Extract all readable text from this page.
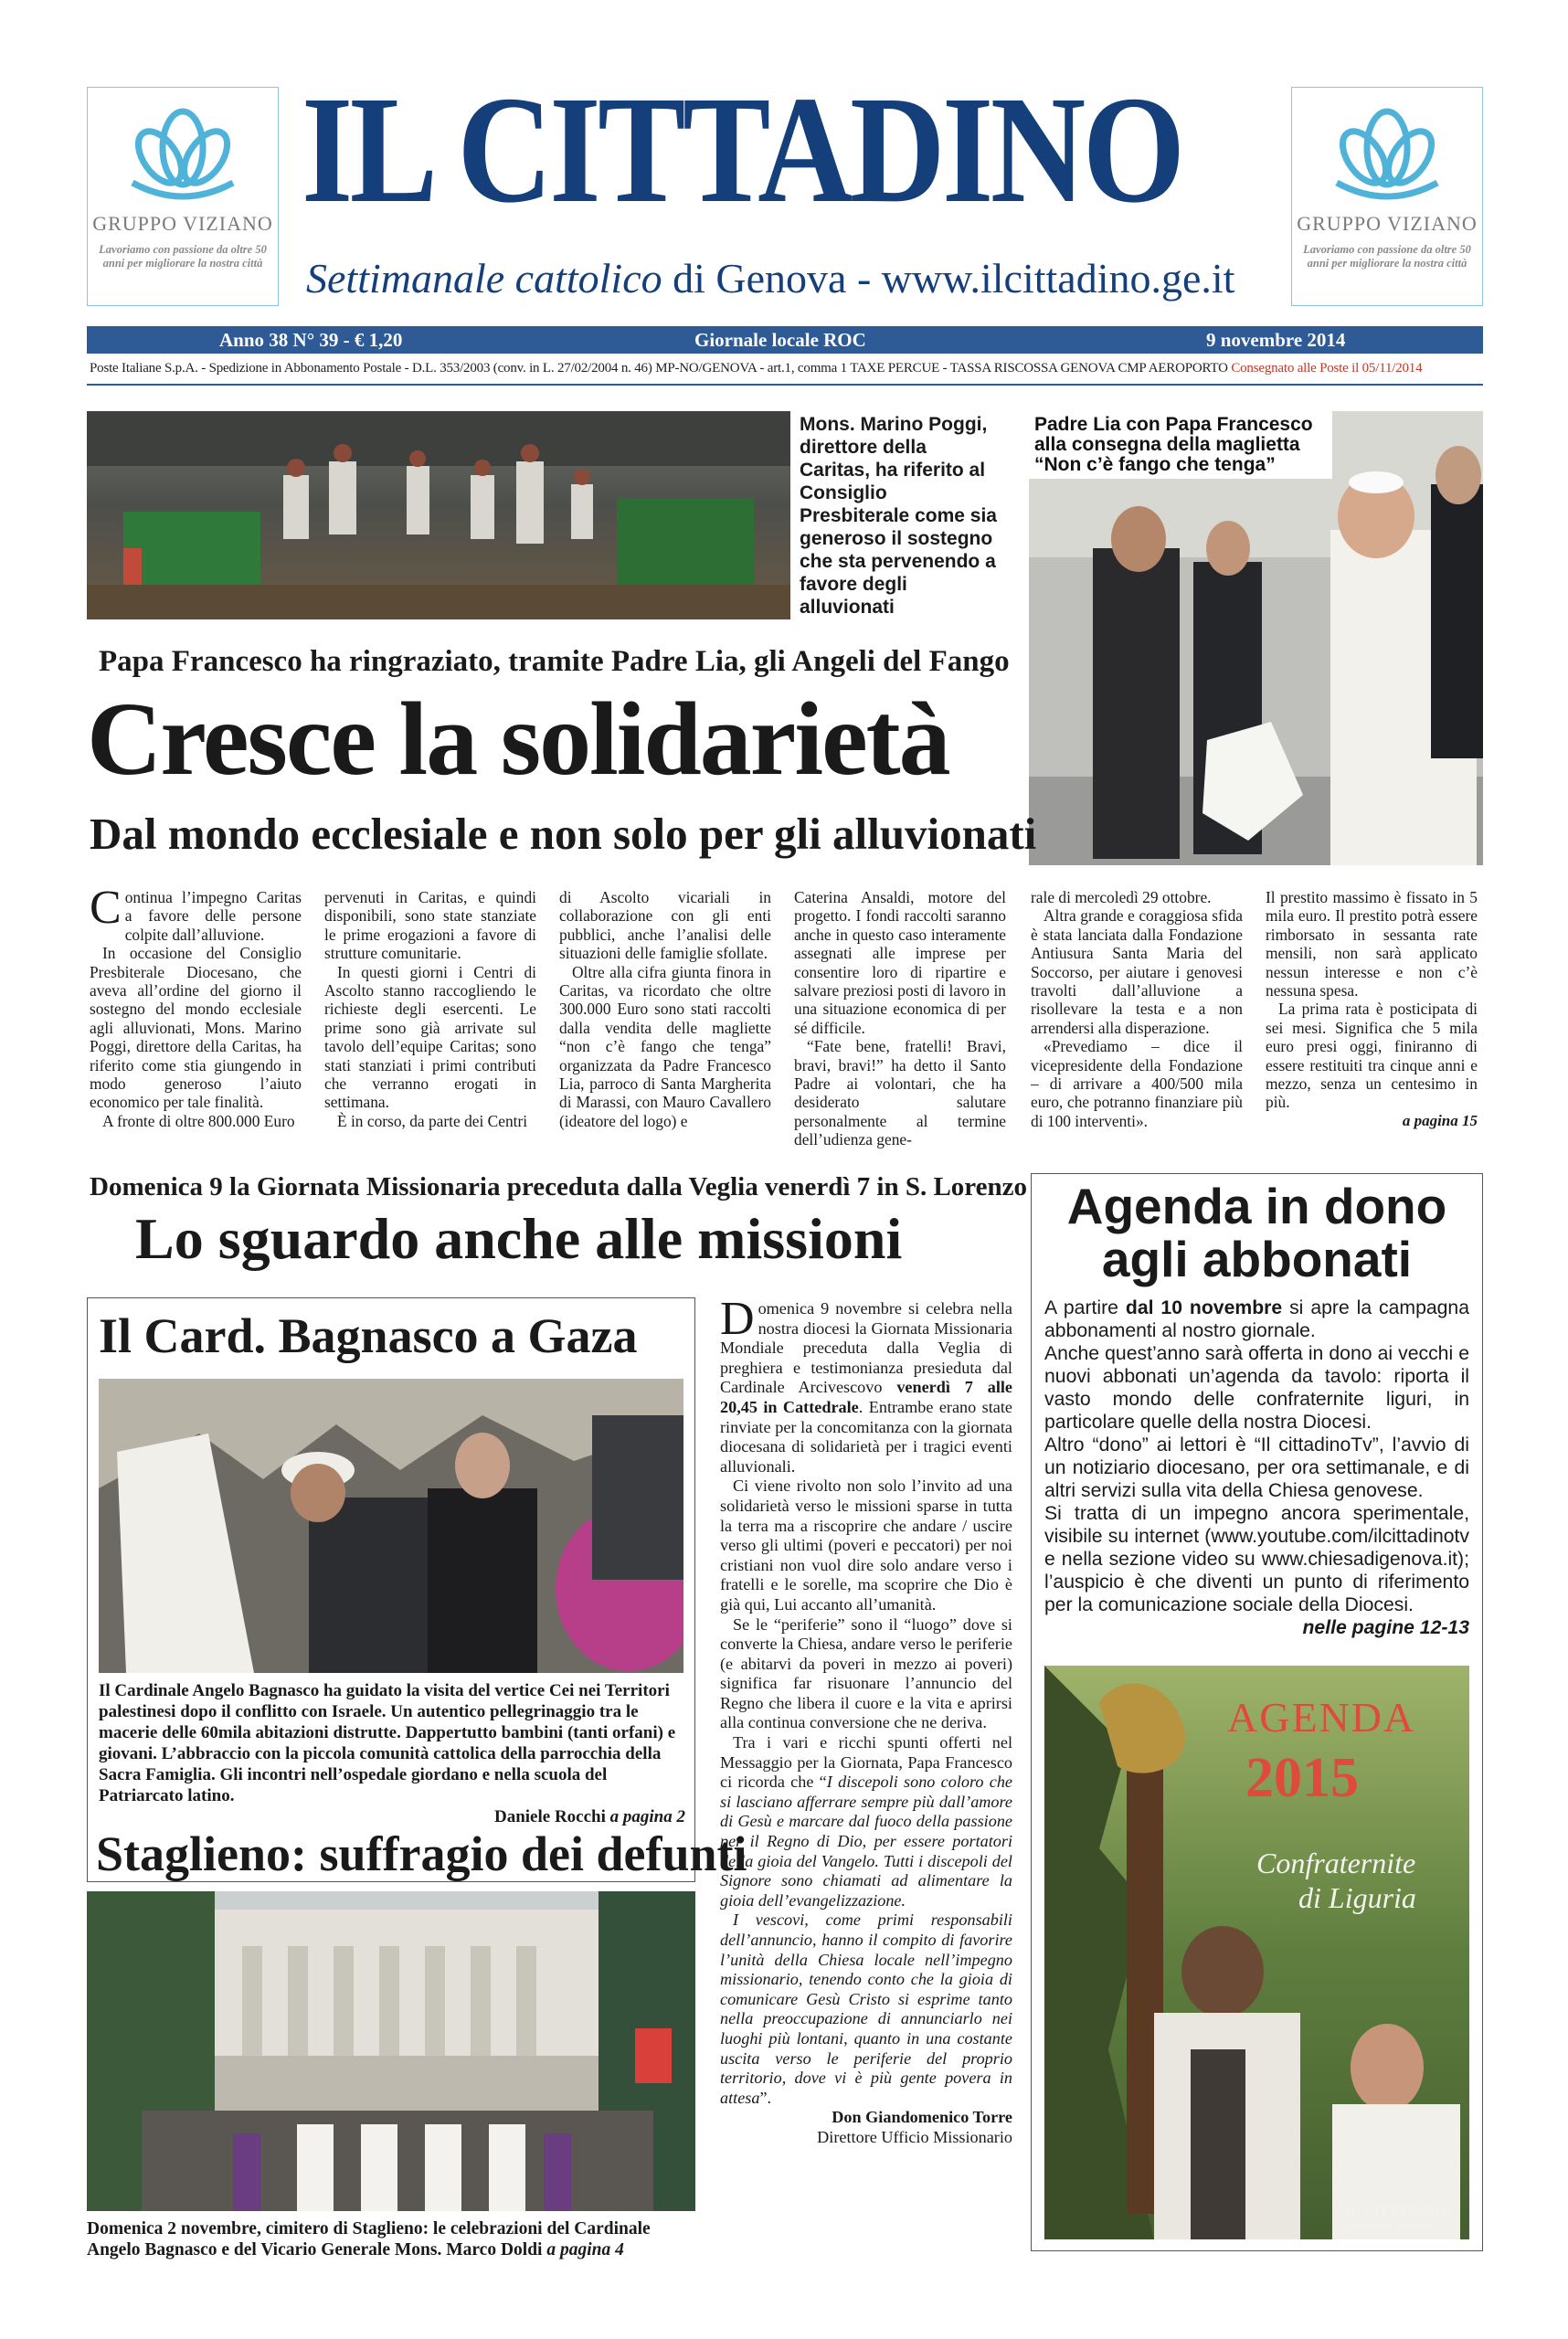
GRUPPO VIZIANO
Lavoriamo con passione da oltre 50 anni per migliorare la nostra città
GRUPPO VIZIANO
Lavoriamo con passione da oltre 50 anni per migliorare la nostra città
IL CITTADINO
Settimanale cattolico di Genova - www.ilcittadino.ge.it
Anno 38 N° 39 - € 1,20	Giornale locale ROC	9 novembre 2014
Poste Italiane S.p.A. - Spedizione in Abbonamento Postale - D.L. 353/2003 (conv. in L. 27/02/2004 n. 46) MP-NO/GENOVA - art.1, comma 1 TAXE PERCUE - TASSA RISCOSSA GENOVA CMP AEROPORTO Consegnato alle Poste il 05/11/2014
Mons. Marino Poggi, direttore della Caritas, ha riferito al Consiglio Presbiterale come sia generoso il sostegno che sta pervenendo a favore degli alluvionati
Padre Lia con Papa Francesco alla consegna della maglietta “Non c’è fango che tenga”
Papa Francesco ha ringraziato, tramite Padre Lia, gli Angeli del Fango
Cresce la solidarietà
Dal mondo ecclesiale e non solo per gli alluvionati

Continua l’impegno Caritas a favore delle persone colpite dall’alluvione.

In occasione del Consiglio Presbiterale Diocesano, che aveva all’ordine del giorno il sostegno del mondo ecclesiale agli alluvionati, Mons. Marino Poggi, direttore della Caritas, ha riferito come stia giungendo in modo generoso l’aiuto economico per tale finalità.

A fronte di oltre 800.000 Euro

pervenuti in Caritas, e quindi disponibili, sono state stanziate le prime erogazioni a favore di strutture comunitarie.

In questi giorni i Centri di Ascolto stanno raccogliendo le richieste degli esercenti. Le prime sono già arrivate sul tavolo dell’equipe Caritas; sono stati stanziati i primi contributi che verranno erogati in settimana.

È in corso, da parte dei Centri

di Ascolto vicariali in collaborazione con gli enti pubblici, anche l’analisi delle situazioni delle famiglie sfollate.

Oltre alla cifra giunta finora in Caritas, va ricordato che oltre 300.000 Euro sono stati raccolti dalla vendita delle magliette “non c’è fango che tenga” organizzata da Padre Francesco Lia, parroco di Santa Margherita di Marassi, con Mauro Cavallero (ideatore del logo) e

Caterina Ansaldi, motore del progetto. I fondi raccolti saranno anche in questo caso interamente assegnati alle imprese per consentire loro di ripartire e salvare preziosi posti di lavoro in una situazione economica di per sé difficile.

“Fate bene, fratelli! Bravi, bravi, bravi!” ha detto il Santo Padre ai volontari, che ha desiderato salutare personalmente al termine dell’udienza gene-

rale di mercoledì 29 ottobre.

Altra grande e coraggiosa sfida è stata lanciata dalla Fondazione Antiusura Santa Maria del Soccorso, per aiutare i genovesi travolti dall’alluvione a risollevare la testa e a non arrendersi alla disperazione.

«Prevediamo – dice il vicepresidente della Fondazione – di arrivare a 400/500 mila euro, che potranno finanziare più di 100 interventi».

Il prestito massimo è fissato in 5 mila euro. Il prestito potrà essere rimborsato in sessanta rate mensili, non sarà applicato nessun interesse e non c’è nessuna spesa.

La prima rata è posticipata di sei mesi. Significa che 5 mila euro presi oggi, finiranno di essere restituiti tra cinque anni e mezzo, senza un centesimo in più.

a pagina 15
Domenica 9 la Giornata Missionaria preceduta dalla Veglia venerdì 7 in S. Lorenzo
Lo sguardo anche alle missioni
Il Card. Bagnasco a Gaza
Il Cardinale Angelo Bagnasco ha guidato la visita del vertice Cei nei Territori palestinesi dopo il conflitto con Israele. Un autentico pellegrinaggio tra le macerie delle 60mila abitazioni distrutte. Dappertutto bambini (tanti orfani) e giovani. L’abbraccio con la piccola comunità cattolica della parrocchia della Sacra Famiglia. Gli incontri nell’ospedale giordano e nella scuola del Patriarcato latino.
Daniele Rocchi a pagina 2
Staglieno: suffragio dei defunti
Domenica 2 novembre, cimitero di Staglieno: le celebrazioni del Cardinale Angelo Bagnasco e del Vicario Generale Mons. Marco Doldi a pagina 4

Domenica 9 novembre si celebra nella nostra diocesi la Giornata Missionaria Mondiale preceduta dalla Veglia di preghiera e testimonianza presieduta dal Cardinale Arcivescovo venerdì 7 alle 20,45 in Cattedrale. Entrambe erano state rinviate per la concomitanza con la giornata diocesana di solidarietà per i tragici eventi alluvionali.

Ci viene rivolto non solo l’invito ad una solidarietà verso le missioni sparse in tutta la terra ma a riscoprire che andare / uscire verso gli ultimi (poveri e peccatori) per noi cristiani non vuol dire solo andare verso i fratelli e le sorelle, ma scoprire che Dio è già qui, Lui accanto all’umanità.

Se le “periferie” sono il “luogo” dove si converte la Chiesa, andare verso le periferie (e abitarvi da poveri in mezzo ai poveri) significa far risuonare l’annuncio del Regno che libera il cuore e la vita e aprirsi alla continua conversione che ne deriva.

Tra i vari e ricchi spunti offerti nel Messaggio per la Giornata, Papa Francesco ci ricorda che “I discepoli sono coloro che si lasciano afferrare sempre più dall’amore di Gesù e marcare dal fuoco della passione per il Regno di Dio, per essere portatori della gioia del Vangelo. Tutti i discepoli del Signore sono chiamati ad alimentare la gioia dell’evangelizzazione.

I vescovi, come primi responsabili dell’annuncio, hanno il compito di favorire l’unità della Chiesa locale nell’impegno missionario, tenendo conto che la gioia di comunicare Gesù Cristo si esprime tanto nella preoccupazione di annunciarlo nei luoghi più lontani, quanto in una costante uscita verso le periferie del proprio territorio, dove vi è più gente povera in attesa”.

Don Giandomenico Torre
Direttore Ufficio Missionario
Agenda in dono
agli abbonati

A partire dal 10 novembre si apre la campagna abbonamenti al nostro giornale.

Anche quest’anno sarà offerta in dono ai vecchi e nuovi abbonati un’agenda da tavolo: riporta il vasto mondo delle confraternite liguri, in particolare quelle della nostra Diocesi.

Altro “dono” ai lettori è “Il cittadinoTv”, l’avvio di un notiziario diocesano, per ora settimanale, e di altri servizi sulla vita della Chiesa genovese.

Si tratta di un impegno ancora sperimentale, visibile su internet (www.youtube.com/ilcittadinotv e nella sezione video su www.chiesadigenova.it); l’auspicio è che diventi un punto di riferimento per la comunicazione sociale della Diocesi.

nelle pagine 12-13

AGENDA
2015
Confraternite
di Liguria
IL CITTADINO
Settimanale Cattolico
